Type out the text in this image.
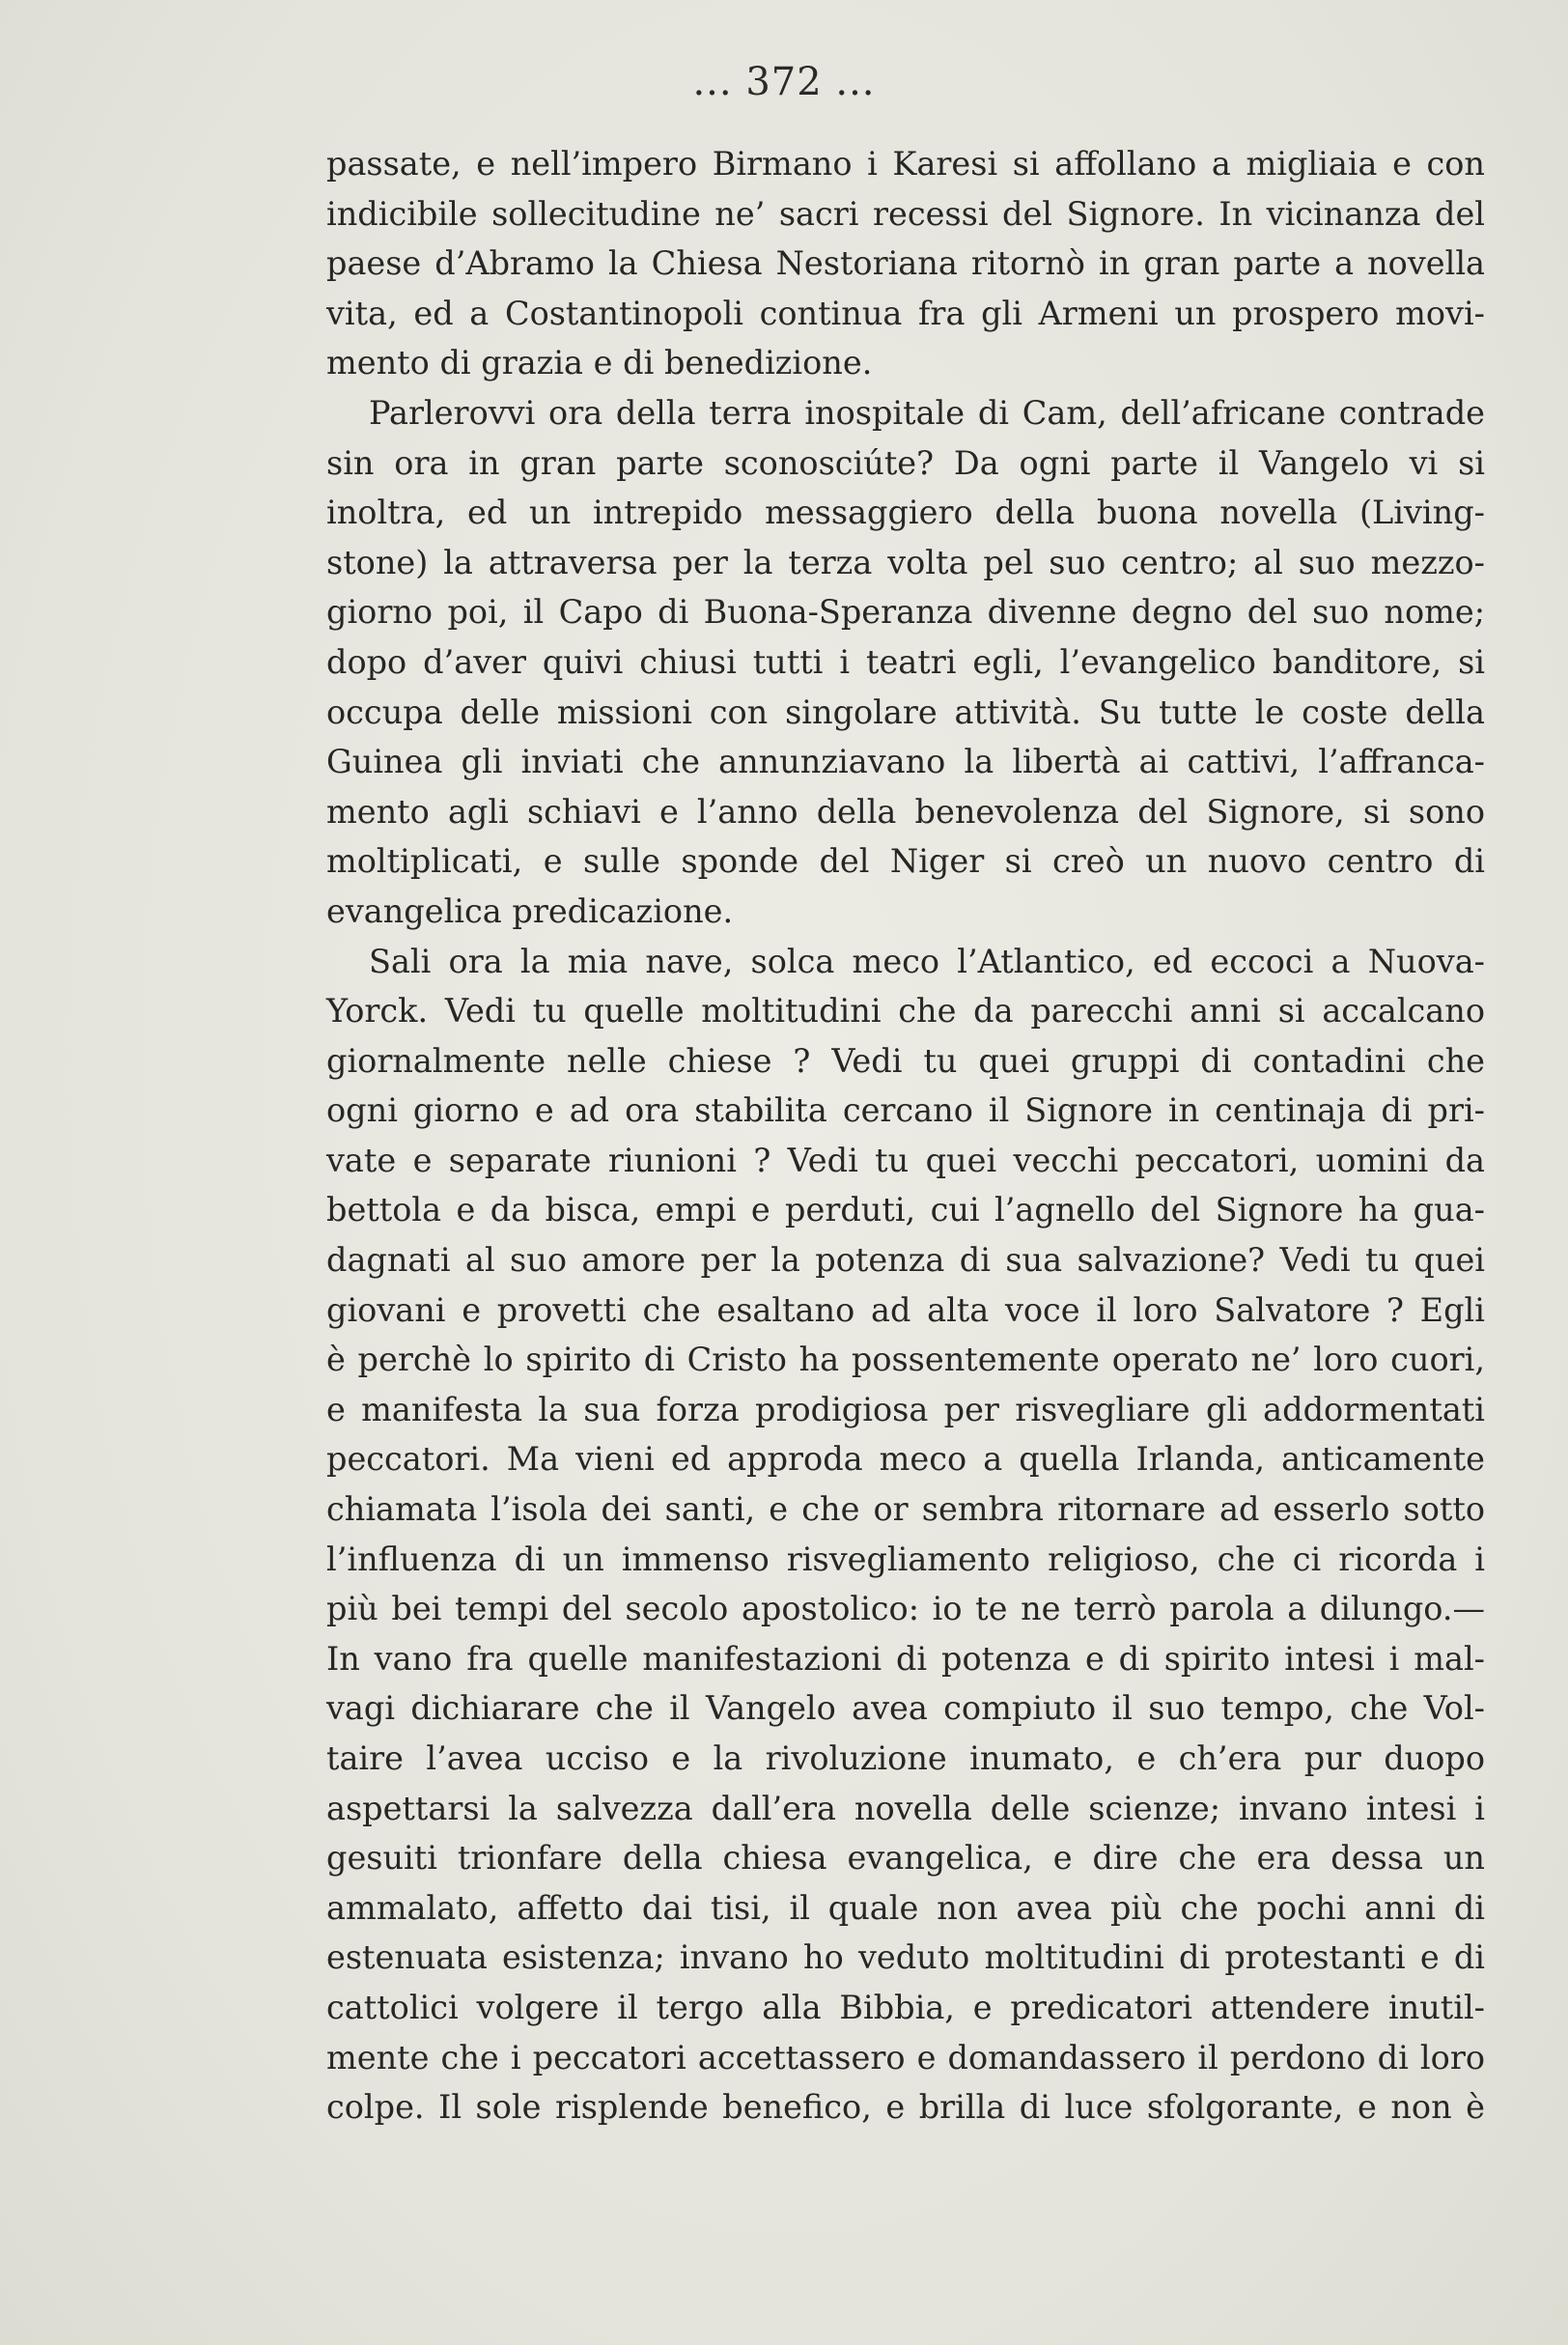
... 372 ...
passate, e nell’impero Birmano i Karesi si affollano a migliaia e con
indicibile sollecitudine ne’ sacri recessi del Signore. In vicinanza del
paese d’Abramo la Chiesa Nestoriana ritornò in gran parte a novella
vita, ed a Costantinopoli continua fra gli Armeni un prospero movi-
mento di grazia e di benedizione.
Parlerovvi ora della terra inospitale di Cam, dell’africane contrade
sin ora in gran parte sconosciúte? Da ogni parte il Vangelo vi si
inoltra, ed un intrepido messaggiero della buona novella (Living-
stone) la attraversa per la terza volta pel suo centro; al suo mezzo-
giorno poi, il Capo di Buona-Speranza divenne degno del suo nome;
dopo d’aver quivi chiusi tutti i teatri egli, l’evangelico banditore, si
occupa delle missioni con singolare attività. Su tutte le coste della
Guinea gli inviati che annunziavano la libertà ai cattivi, l’affranca-
mento agli schiavi e l’anno della benevolenza del Signore, si sono
moltiplicati, e sulle sponde del Niger si creò un nuovo centro di
evangelica predicazione.
Sali ora la mia nave, solca meco l’Atlantico, ed eccoci a Nuova-
Yorck. Vedi tu quelle moltitudini che da parecchi anni si accalcano
giornalmente nelle chiese ? Vedi tu quei gruppi di contadini che
ogni giorno e ad ora stabilita cercano il Signore in centinaja di pri-
vate e separate riunioni ? Vedi tu quei vecchi peccatori, uomini da
bettola e da bisca, empi e perduti, cui l’agnello del Signore ha gua-
dagnati al suo amore per la potenza di sua salvazione? Vedi tu quei
giovani e provetti che esaltano ad alta voce il loro Salvatore ? Egli
è perchè lo spirito di Cristo ha possentemente operato ne’ loro cuori,
e manifesta la sua forza prodigiosa per risvegliare gli addormentati
peccatori. Ma vieni ed approda meco a quella Irlanda, anticamente
chiamata l’isola dei santi, e che or sembra ritornare ad esserlo sotto
l’influenza di un immenso risvegliamento religioso, che ci ricorda i
più bei tempi del secolo apostolico: io te ne terrò parola a dilungo.—
In vano fra quelle manifestazioni di potenza e di spirito intesi i mal-
vagi dichiarare che il Vangelo avea compiuto il suo tempo, che Vol-
taire l’avea ucciso e la rivoluzione inumato, e ch’era pur duopo
aspettarsi la salvezza dall’era novella delle scienze; invano intesi i
gesuiti trionfare della chiesa evangelica, e dire che era dessa un
ammalato, affetto dai tisi, il quale non avea più che pochi anni di
estenuata esistenza; invano ho veduto moltitudini di protestanti e di
cattolici volgere il tergo alla Bibbia, e predicatori attendere inutil-
mente che i peccatori accettassero e domandassero il perdono di loro
colpe. Il sole risplende benefico, e brilla di luce sfolgorante, e non è
